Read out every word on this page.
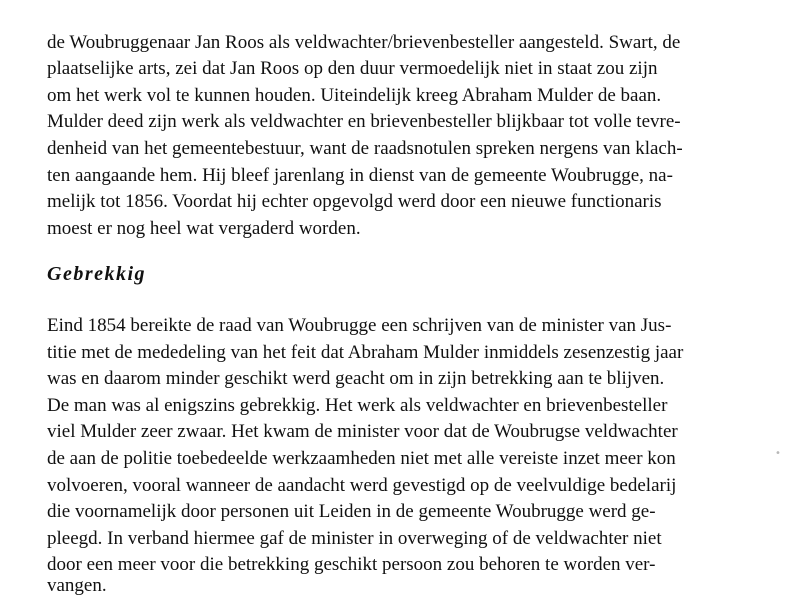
de Woubruggenaar Jan Roos als veldwachter/brievenbesteller aangesteld. Swart, de
plaatselijke arts, zei dat Jan Roos op den duur vermoedelijk niet in staat zou zijn
om het werk vol te kunnen houden. Uiteindelijk kreeg Abraham Mulder de baan.
Mulder deed zijn werk als veldwachter en brievenbesteller blijkbaar tot volle tevre-
denheid van het gemeentebestuur, want de raadsnotulen spreken nergens van klach-
ten aangaande hem. Hij bleef jarenlang in dienst van de gemeente Woubrugge, na-
melijk tot 1856. Voordat hij echter opgevolgd werd door een nieuwe functionaris
moest er nog heel wat vergaderd worden.
Gebrekkig
Eind 1854 bereikte de raad van Woubrugge een schrijven van de minister van Jus-
titie met de mededeling van het feit dat Abraham Mulder inmiddels zesenzestig jaar
was en daarom minder geschikt werd geacht om in zijn betrekking aan te blijven.
De man was al enigszins gebrekkig. Het werk als veldwachter en brievenbesteller
viel Mulder zeer zwaar. Het kwam de minister voor dat de Woubrugse veldwachter
de aan de politie toebedeelde werkzaamheden niet met alle vereiste inzet meer kon
volvoeren, vooral wanneer de aandacht werd gevestigd op de veelvuldige bedelarij
die voornamelijk door personen uit Leiden in de gemeente Woubrugge werd ge-
pleegd. In verband hiermee gaf de minister in overweging of de veldwachter niet
door een meer voor die betrekking geschikt persoon zou behoren te worden ver-
vangen.
•
